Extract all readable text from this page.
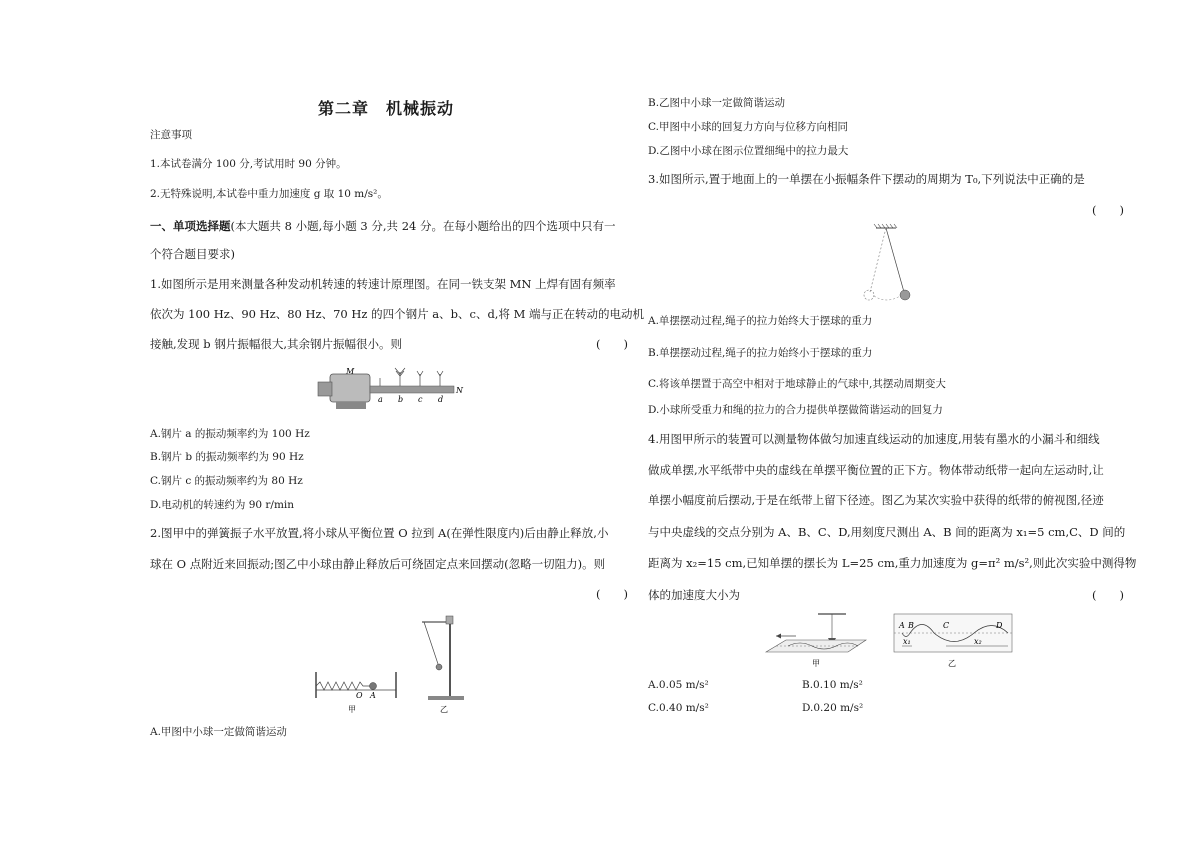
第二章　机械振动
注意事项
1.本试卷满分 100 分,考试用时 90 分钟。
2.无特殊说明,本试卷中重力加速度 g 取 10 m/s²。
一、单项选择题(本大题共 8 小题,每小题 3 分,共 24 分。在每小题给出的四个选项中只有一
个符合题目要求)
1.如图所示是用来测量各种发动机转速的转速计原理图。在同一铁支架 MN 上焊有固有频率
依次为 100 Hz、90 Hz、80 Hz、70 Hz 的四个钢片 a、b、c、d,将 M 端与正在转动的电动机
接触,发现 b 钢片振幅很大,其余钢片振幅很小。则	(　　)
M
N
a b c d
A.钢片 a 的振动频率约为 100 Hz
B.钢片 b 的振动频率约为 90 Hz
C.钢片 c 的振动频率约为 80 Hz
D.电动机的转速约为 90 r/min
2.图甲中的弹簧振子水平放置,将小球从平衡位置 O 拉到 A(在弹性限度内)后由静止释放,小
球在 O 点附近来回振动;图乙中小球由静止释放后可绕固定点来回摆动(忽略一切阻力)。则
(　　)
O A
甲	乙
A.甲图中小球一定做简谐运动
B.乙图中小球一定做简谐运动
C.甲图中小球的回复力方向与位移方向相同
D.乙图中小球在图示位置细绳中的拉力最大
3.如图所示,置于地面上的一单摆在小振幅条件下摆动的周期为 T₀,下列说法中正确的是
(　　)
A.单摆摆动过程,绳子的拉力始终大于摆球的重力
B.单摆摆动过程,绳子的拉力始终小于摆球的重力
C.将该单摆置于高空中相对于地球静止的气球中,其摆动周期变大
D.小球所受重力和绳的拉力的合力提供单摆做简谐运动的回复力
4.用图甲所示的装置可以测量物体做匀加速直线运动的加速度,用装有墨水的小漏斗和细线
做成单摆,水平纸带中央的虚线在单摆平衡位置的正下方。物体带动纸带一起向左运动时,让
单摆小幅度前后摆动,于是在纸带上留下径迹。图乙为某次实验中获得的纸带的俯视图,径迹
与中央虚线的交点分别为 A、B、C、D,用刻度尺测出 A、B 间的距离为 x₁=5 cm,C、D 间的
距离为 x₂=15 cm,已知单摆的摆长为 L=25 cm,重力加速度为 g=π² m/s²,则此次实验中测得物
体的加速度大小为	(　　)
甲
A B	C	D
x₁	x₂
乙
A.0.05 m/s²	B.0.10 m/s²
C.0.40 m/s²	D.0.20 m/s²
